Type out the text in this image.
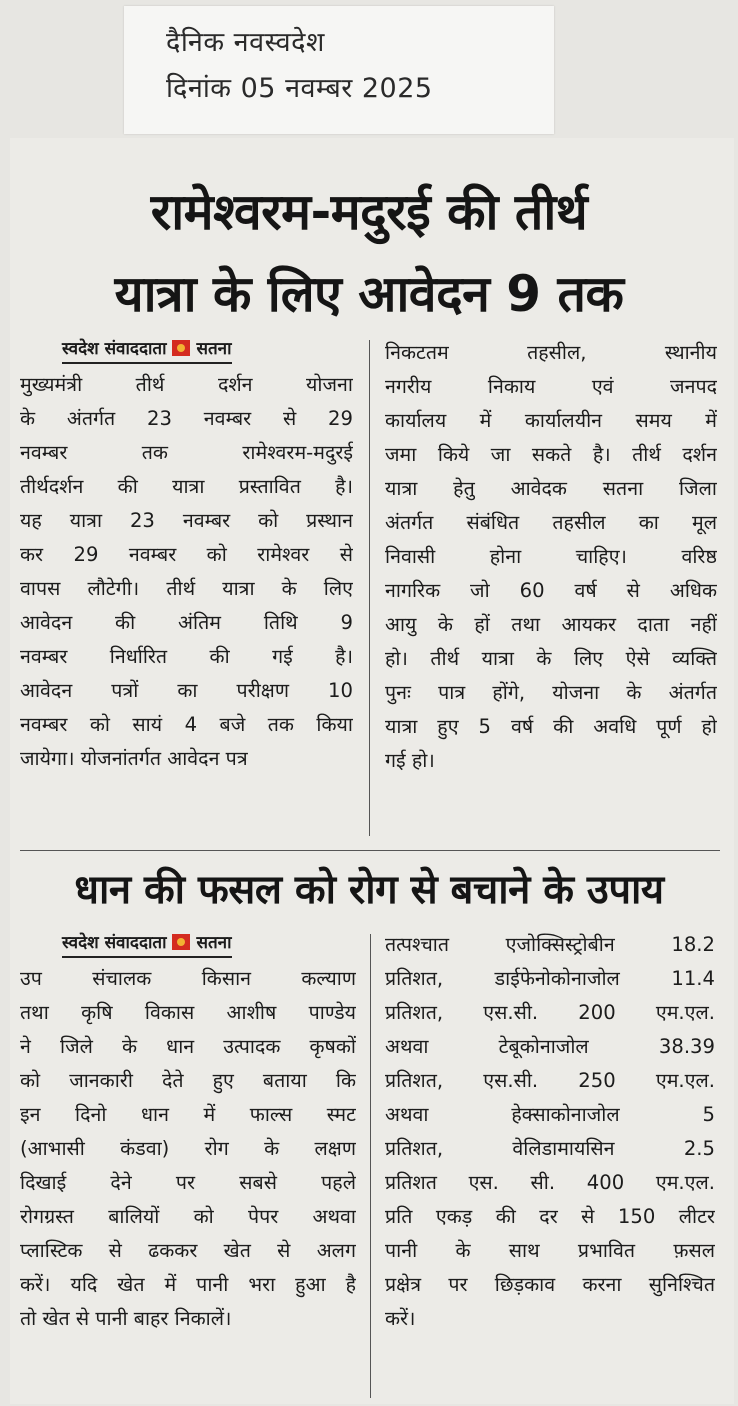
दैनिक नवस्वदेश
दिनांक 05 नवम्बर 2025
रामेश्वरम-मदुरई की तीर्थ
यात्रा के लिए आवेदन 9 तक
स्वदेश संवाददाता सतना
मुख्यमंत्री तीर्थ दर्शन योजना
के अंतर्गत 23 नवम्बर से 29
नवम्बर तक रामेश्वरम-मदुरई
तीर्थदर्शन की यात्रा प्रस्तावित है।
यह यात्रा 23 नवम्बर को प्रस्थान
कर 29 नवम्बर को रामेश्वर से
वापस लौटेगी। तीर्थ यात्रा के लिए
आवेदन की अंतिम तिथि 9
नवम्बर निर्धारित की गई है।
आवेदन पत्रों का परीक्षण 10
नवम्बर को सायं 4 बजे तक किया
जायेगा। योजनांतर्गत आवेदन पत्र
निकटतम तहसील, स्थानीय
नगरीय निकाय एवं जनपद
कार्यालय में कार्यालयीन समय में
जमा किये जा सकते है। तीर्थ दर्शन
यात्रा हेतु आवेदक सतना जिला
अंतर्गत संबंधित तहसील का मूल
निवासी होना चाहिए। वरिष्ठ
नागरिक जो 60 वर्ष से अधिक
आयु के हों तथा आयकर दाता नहीं
हो। तीर्थ यात्रा के लिए ऐसे व्यक्ति
पुनः पात्र होंगे, योजना के अंतर्गत
यात्रा हुए 5 वर्ष की अवधि पूर्ण हो
गई हो।
धान की फसल को रोग से बचाने के उपाय
स्वदेश संवाददाता सतना
उप संचालक किसान कल्याण
तथा कृषि विकास आशीष पाण्डेय
ने जिले के धान उत्पादक कृषकों
को जानकारी देते हुए बताया कि
इन दिनो धान में फाल्स स्मट
(आभासी कंडवा) रोग के लक्षण
दिखाई देने पर सबसे पहले
रोगग्रस्त बालियों को पेपर अथवा
प्लास्टिक से ढककर खेत से अलग
करें। यदि खेत में पानी भरा हुआ है
तो खेत से पानी बाहर निकालें।
तत्पश्चात एजोक्सिस्ट्रोबीन 18.2
प्रतिशत, डाईफेनोकोनाजोल 11.4
प्रतिशत, एस.सी. 200 एम.एल.
अथवा टेबूकोनाजोल 38.39
प्रतिशत, एस.सी. 250 एम.एल.
अथवा हेक्साकोनाजोल 5
प्रतिशत, वेलिडामायसिन 2.5
प्रतिशत एस. सी. 400 एम.एल.
प्रति एकड़ की दर से 150 लीटर
पानी के साथ प्रभावित फ़सल
प्रक्षेत्र पर छिड़काव करना सुनिश्चित
करें।
